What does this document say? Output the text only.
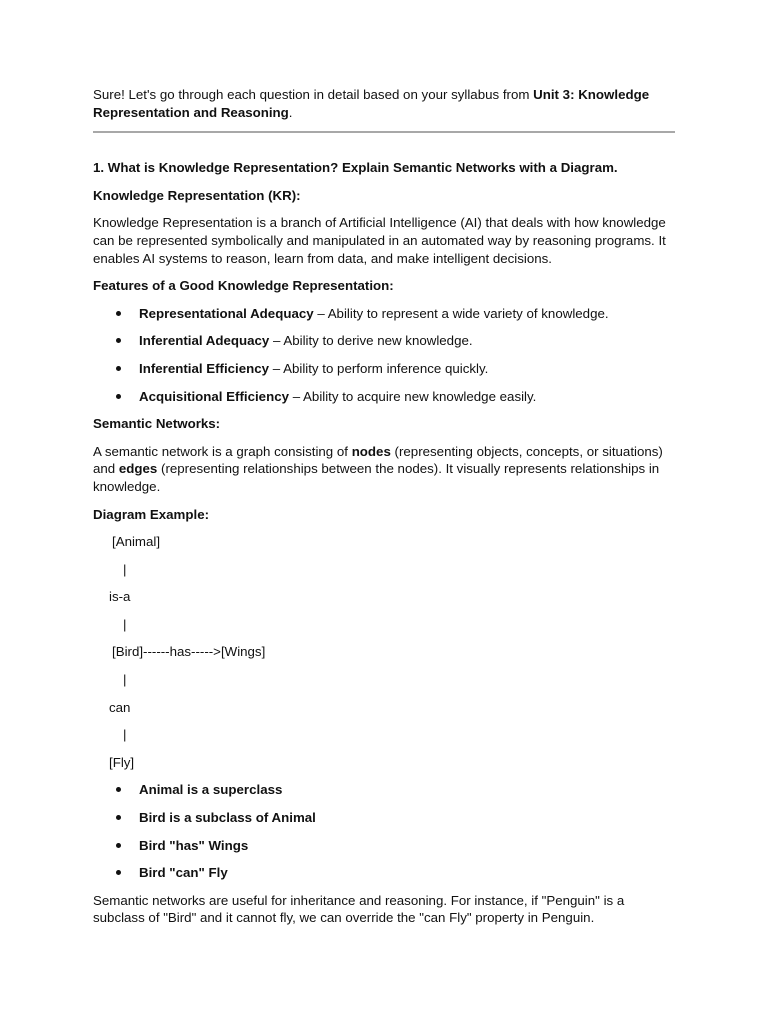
Sure! Let's go through each question in detail based on your syllabus from Unit 3: Knowledge Representation and Reasoning.

1. What is Knowledge Representation? Explain Semantic Networks with a Diagram.

Knowledge Representation (KR):

Knowledge Representation is a branch of Artificial Intelligence (AI) that deals with how knowledge can be represented symbolically and manipulated in an automated way by reasoning programs. It enables AI systems to reason, learn from data, and make intelligent decisions.

Features of a Good Knowledge Representation:

Representational Adequacy – Ability to represent a wide variety of knowledge.
Inferential Adequacy – Ability to derive new knowledge.
Inferential Efficiency – Ability to perform inference quickly.
Acquisitional Efficiency – Ability to acquire new knowledge easily.

Semantic Networks:

A semantic network is a graph consisting of nodes (representing objects, concepts, or situations) and edges (representing relationships between the nodes). It visually represents relationships in knowledge.

Diagram Example:

[Animal]

|

is-a

|

[Bird]------has----->[Wings]

|

can

|

[Fly]

Animal is a superclass
Bird is a subclass of Animal
Bird "has" Wings
Bird "can" Fly

Semantic networks are useful for inheritance and reasoning. For instance, if "Penguin" is a subclass of "Bird" and it cannot fly, we can override the "can Fly" property in Penguin.
